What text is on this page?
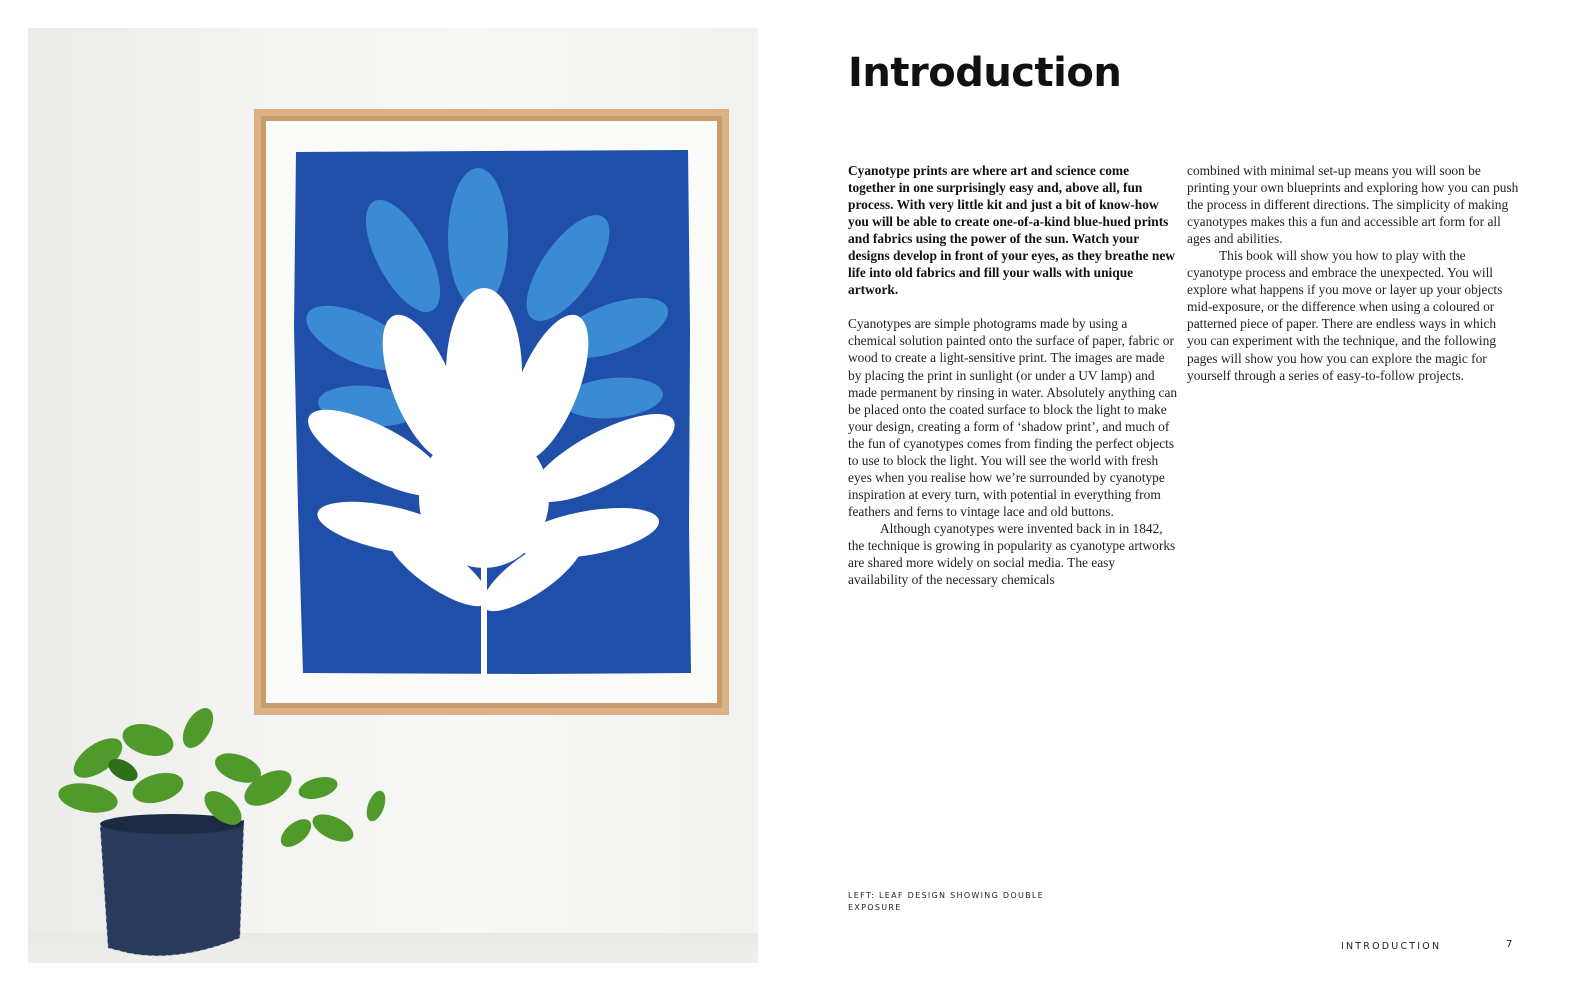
Introduction

Cyanotype prints are where art and science come together in one surprisingly easy and, above all, fun process. With very little kit and just a bit of know-how you will be able to create one-of-a-kind blue-hued prints and fabrics using the power of the sun. Watch your designs develop in front of your eyes, as they breathe new life into old fabrics and fill your walls with unique artwork.

Cyanotypes are simple photograms made by using a chemical solution painted onto the surface of paper, fabric or wood to create a light-sensitive print. The images are made by placing the print in sunlight (or under a UV lamp) and made permanent by rinsing in water. Absolutely anything can be placed onto the coated surface to block the light to make your design, creating a form of ‘shadow print’, and much of the fun of cyanotypes comes from finding the perfect objects to use to block the light. You will see the world with fresh eyes when you realise how we’re surrounded by cyanotype inspiration at every turn, with potential in everything from feathers and ferns to vintage lace and old buttons.

Although cyanotypes were invented back in in 1842, the technique is growing in popularity as cyanotype artworks are shared more widely on social media. The easy availability of the necessary chemicals

combined with minimal set-up means you will soon be printing your own blueprints and exploring how you can push the process in different directions. The simplicity of making cyanotypes makes this a fun and accessible art form for all ages and abilities.

This book will show you how to play with the cyanotype process and embrace the unexpected. You will explore what happens if you move or layer up your objects mid-exposure, or the difference when using a coloured or patterned piece of paper. There are endless ways in which you can experiment with the technique, and the following pages will show you how you can explore the magic for yourself through a series of easy-to-follow projects.

LEFT: LEAF DESIGN SHOWING DOUBLE EXPOSURE
INTRODUCTION	7
